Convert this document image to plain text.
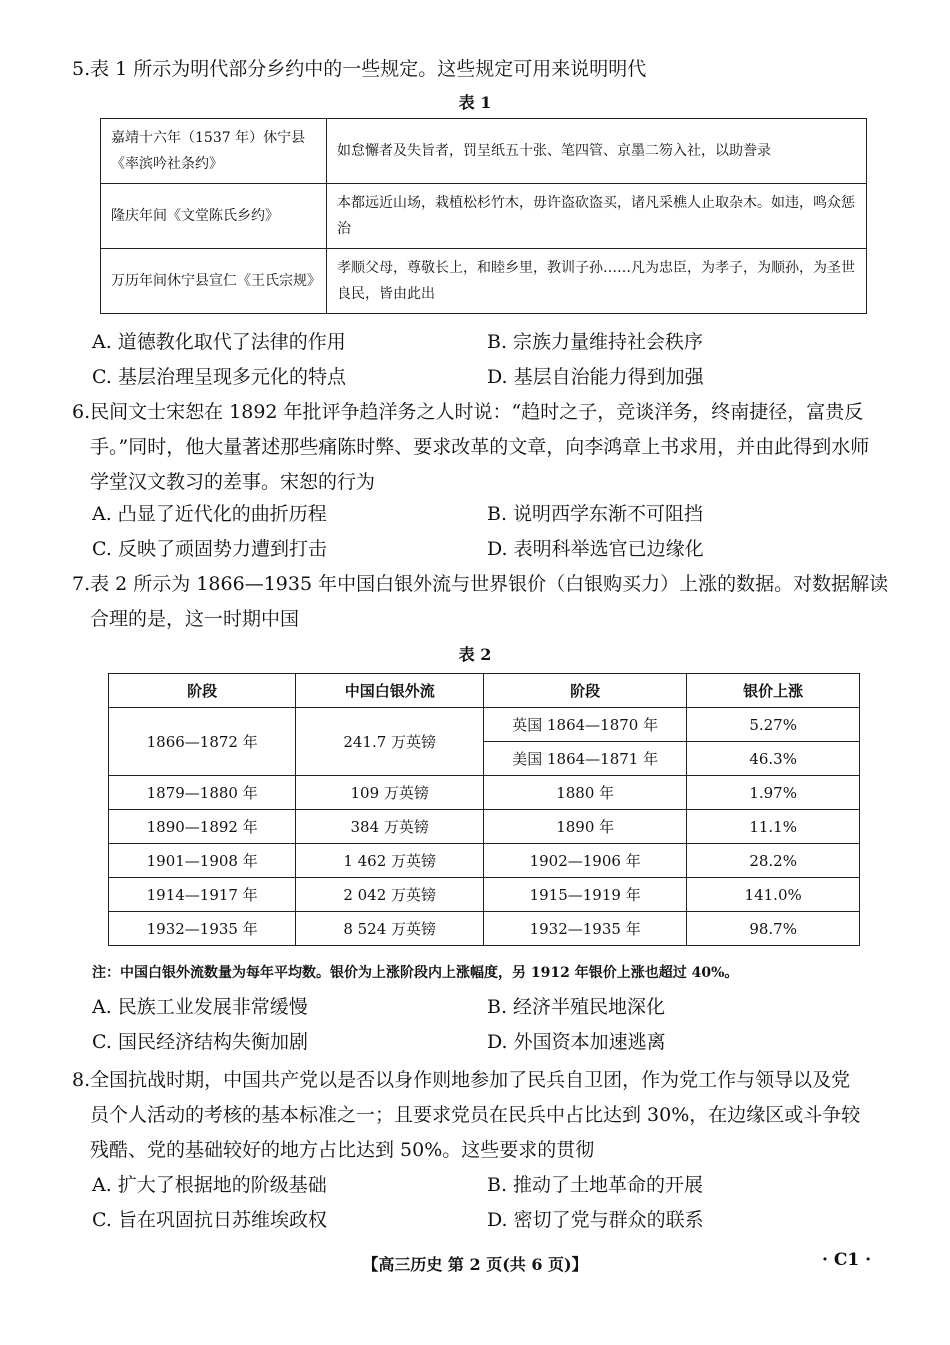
5.表 1 所示为明代部分乡约中的一些规定。这些规定可用来说明明代
表 1
嘉靖十六年（1537 年）休宁县《率滨吟社条约》	如怠懈者及失旨者，罚呈纸五十张、笔四管、京墨二笏入社，以助誊录
隆庆年间《文堂陈氏乡约》	本都远近山场，栽植松杉竹木，毋许盗砍盗买，诸凡采樵人止取杂木。如违，鸣众惩治
万历年间休宁县宣仁《王氏宗规》	孝顺父母，尊敬长上，和睦乡里，教训子孙……凡为忠臣，为孝子，为顺孙，为圣世良民，皆由此出
A. 道德教化取代了法律的作用	B. 宗族力量维持社会秩序
C. 基层治理呈现多元化的特点	D. 基层自治能力得到加强
6.民间文士宋恕在 1892 年批评争趋洋务之人时说：“趋时之子，竞谈洋务，终南捷径，富贵反
手。”同时，他大量著述那些痛陈时弊、要求改革的文章，向李鸿章上书求用，并由此得到水师
学堂汉文教习的差事。宋恕的行为
A. 凸显了近代化的曲折历程	B. 说明西学东渐不可阻挡
C. 反映了顽固势力遭到打击	D. 表明科举选官已边缘化
7.表 2 所示为 1866—1935 年中国白银外流与世界银价（白银购买力）上涨的数据。对数据解读
合理的是，这一时期中国
表 2
阶段	中国白银外流	阶段	银价上涨
1866—1872 年	241.7 万英镑	英国 1864—1870 年	5.27%
		美国 1864—1871 年	46.3%
1879—1880 年	109 万英镑	1880 年	1.97%
1890—1892 年	384 万英镑	1890 年	11.1%
1901—1908 年	1 462 万英镑	1902—1906 年	28.2%
1914—1917 年	2 042 万英镑	1915—1919 年	141.0%
1932—1935 年	8 524 万英镑	1932—1935 年	98.7%
注：中国白银外流数量为每年平均数。银价为上涨阶段内上涨幅度，另 1912 年银价上涨也超过 40%。
A. 民族工业发展非常缓慢	B. 经济半殖民地深化
C. 国民经济结构失衡加剧	D. 外国资本加速逃离
8.全国抗战时期，中国共产党以是否以身作则地参加了民兵自卫团，作为党工作与领导以及党
员个人活动的考核的基本标准之一；且要求党员在民兵中占比达到 30%，在边缘区或斗争较
残酷、党的基础较好的地方占比达到 50%。这些要求的贯彻
A. 扩大了根据地的阶级基础	B. 推动了土地革命的开展
C. 旨在巩固抗日苏维埃政权	D. 密切了党与群众的联系
【高三历史 第 2 页(共 6 页)】	· C1 ·
